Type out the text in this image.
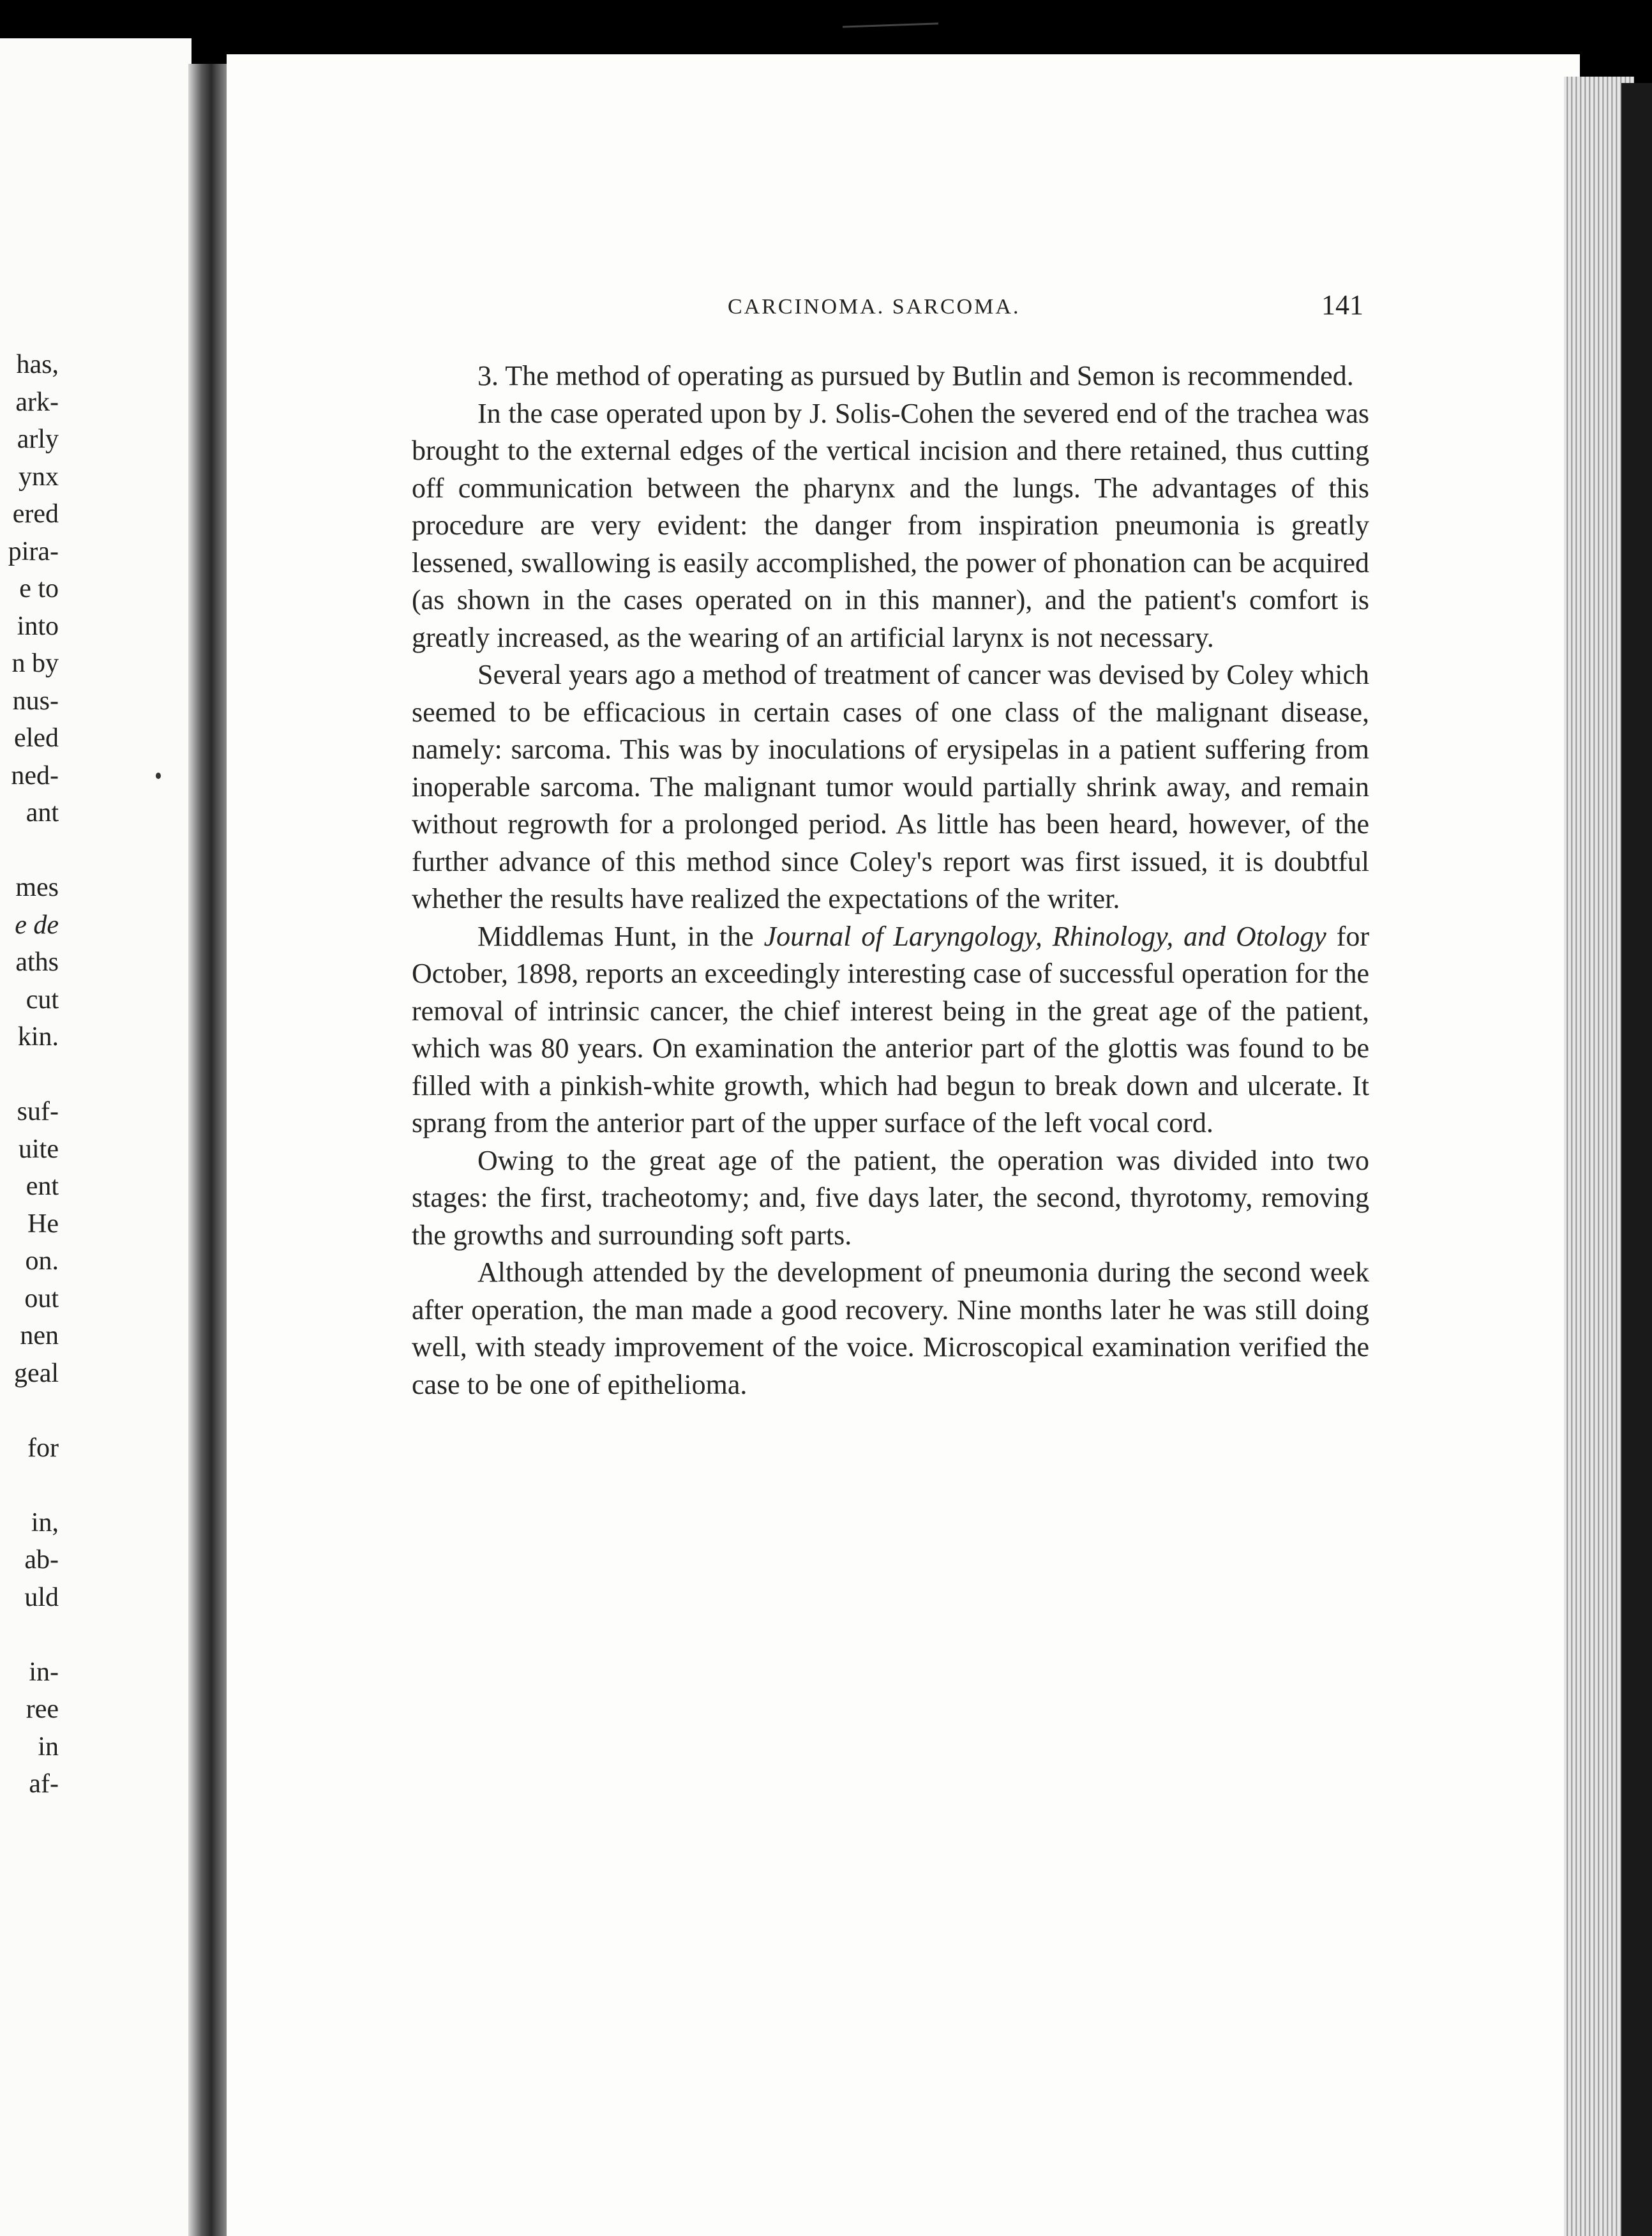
has,
ark-
arly
ynx
ered
pira-
e to
into
n by
nus-
eled
ned-
ant
mes
e de
aths
cut
kin.
suf-
uite
ent
He
on.
out
nen
geal
for
in,
ab-
uld
in-
ree
in
af-
CARCINOMA. SARCOMA.	141

3. The method of operating as pursued by Butlin and Semon is recommended.

In the case operated upon by J. Solis-Cohen the severed end of the trachea was brought to the external edges of the vertical incision and there retained, thus cutting off communication between the pharynx and the lungs. The advantages of this procedure are very evident: the danger from inspiration pneumonia is greatly lessened, swallowing is easily accomplished, the power of phonation can be acquired (as shown in the cases operated on in this manner), and the patient's comfort is greatly increased, as the wearing of an artificial larynx is not necessary.

Several years ago a method of treatment of cancer was devised by Coley which seemed to be efficacious in certain cases of one class of the malignant disease, namely: sarcoma. This was by inoculations of erysipelas in a patient suffering from inoperable sarcoma. The malignant tumor would partially shrink away, and remain without regrowth for a prolonged period. As little has been heard, however, of the further advance of this method since Coley's report was first issued, it is doubtful whether the results have realized the expectations of the writer.

Middlemas Hunt, in the Journal of Laryngology, Rhinology, and Otology for October, 1898, reports an exceedingly interesting case of successful operation for the removal of intrinsic cancer, the chief interest being in the great age of the patient, which was 80 years. On examination the anterior part of the glottis was found to be filled with a pinkish-white growth, which had begun to break down and ulcerate. It sprang from the anterior part of the upper surface of the left vocal cord.

Owing to the great age of the patient, the operation was divided into two stages: the first, tracheotomy; and, five days later, the second, thyrotomy, removing the growths and surrounding soft parts.

Although attended by the development of pneumonia during the second week after operation, the man made a good recovery. Nine months later he was still doing well, with steady improvement of the voice. Microscopical examination verified the case to be one of epithelioma.
